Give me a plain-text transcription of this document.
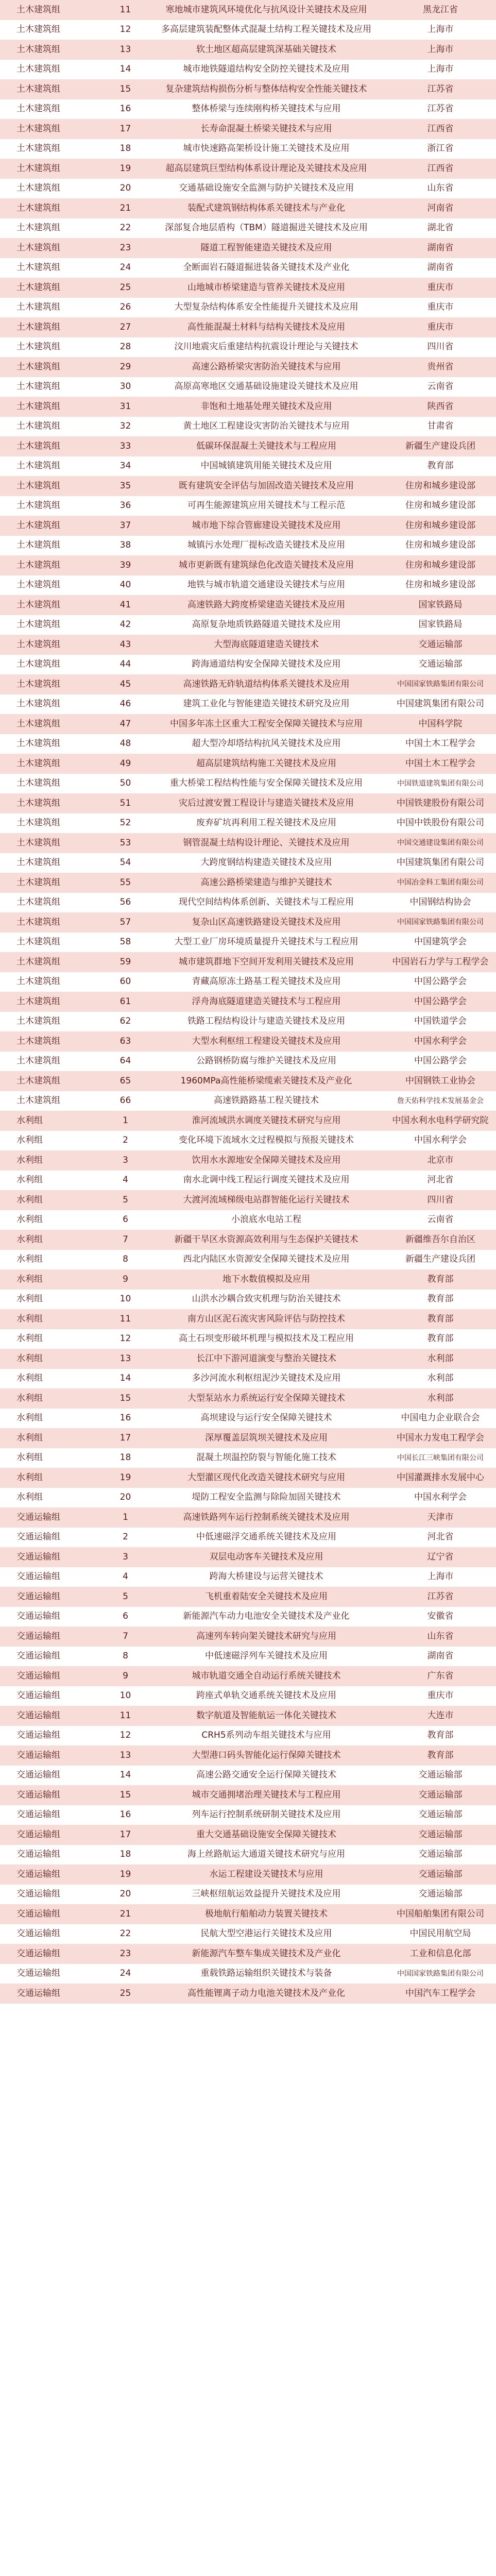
土木建筑组	11	寒地城市建筑风环境优化与抗风设计关键技术及应用	黑龙江省
土木建筑组	12	多高层建筑装配整体式混凝土结构工程关键技术及应用	上海市
土木建筑组	13	软土地区超高层建筑深基础关键技术	上海市
土木建筑组	14	城市地铁隧道结构安全防控关键技术及应用	上海市
土木建筑组	15	复杂建筑结构损伤分析与整体结构安全性能关键技术	江苏省
土木建筑组	16	整体桥梁与连续刚构桥关键技术与应用	江苏省
土木建筑组	17	长寿命混凝土桥梁关键技术与应用	江西省
土木建筑组	18	城市快速路高架桥设计施工关键技术及应用	浙江省
土木建筑组	19	超高层建筑巨型结构体系设计理论及关键技术及应用	江西省
土木建筑组	20	交通基础设施安全监测与防护关键技术及应用	山东省
土木建筑组	21	装配式建筑钢结构体系关键技术与产业化	河南省
土木建筑组	22	深部复合地层盾构（TBM）隧道掘进关键技术及应用	湖北省
土木建筑组	23	隧道工程智能建造关键技术及应用	湖南省
土木建筑组	24	全断面岩石隧道掘进装备关键技术及产业化	湖南省
土木建筑组	25	山地城市桥梁建造与管养关键技术及应用	重庆市
土木建筑组	26	大型复杂结构体系安全性能提升关键技术及应用	重庆市
土木建筑组	27	高性能混凝土材料与结构关键技术及应用	重庆市
土木建筑组	28	汶川地震灾后重建结构抗震设计理论与关键技术	四川省
土木建筑组	29	高速公路桥梁灾害防治关键技术与应用	贵州省
土木建筑组	30	高原高寒地区交通基础设施建设关键技术及应用	云南省
土木建筑组	31	非饱和土地基处理关键技术及应用	陕西省
土木建筑组	32	黄土地区工程建设灾害防治关键技术与应用	甘肃省
土木建筑组	33	低碳环保混凝土关键技术与工程应用	新疆生产建设兵团
土木建筑组	34	中国城镇建筑用能关键技术及应用	教育部
土木建筑组	35	既有建筑安全评估与加固改造关键技术及应用	住房和城乡建设部
土木建筑组	36	可再生能源建筑应用关键技术与工程示范	住房和城乡建设部
土木建筑组	37	城市地下综合管廊建设关键技术及应用	住房和城乡建设部
土木建筑组	38	城镇污水处理厂提标改造关键技术及应用	住房和城乡建设部
土木建筑组	39	城市更新既有建筑绿色化改造关键技术及应用	住房和城乡建设部
土木建筑组	40	地铁与城市轨道交通建设关键技术与应用	住房和城乡建设部
土木建筑组	41	高速铁路大跨度桥梁建造关键技术及应用	国家铁路局
土木建筑组	42	高原复杂地质铁路隧道关键技术及应用	国家铁路局
土木建筑组	43	大型海底隧道建造关键技术	交通运输部
土木建筑组	44	跨海通道结构安全保障关键技术及应用	交通运输部
土木建筑组	45	高速铁路无砟轨道结构体系关键技术及应用	中国国家铁路集团有限公司
土木建筑组	46	建筑工业化与智能建造关键技术研究及应用	中国建筑集团有限公司
土木建筑组	47	中国多年冻土区重大工程安全保障关键技术与应用	中国科学院
土木建筑组	48	超大型冷却塔结构抗风关键技术及应用	中国土木工程学会
土木建筑组	49	超高层建筑结构施工关键技术及应用	中国土木工程学会
土木建筑组	50	重大桥梁工程结构性能与安全保障关键技术及应用	中国铁道建筑集团有限公司
土木建筑组	51	灾后过渡安置工程设计与建造关键技术及应用	中国铁建股份有限公司
土木建筑组	52	废弃矿坑再利用工程关键技术及应用	中国中铁股份有限公司
土木建筑组	53	钢管混凝土结构设计理论、关键技术及应用	中国交通建设集团有限公司
土木建筑组	54	大跨度钢结构建造关键技术及应用	中国建筑集团有限公司
土木建筑组	55	高速公路桥梁建造与维护关键技术	中国冶金科工集团有限公司
土木建筑组	56	现代空间结构体系创新、关键技术与工程应用	中国钢结构协会
土木建筑组	57	复杂山区高速铁路建设关键技术及应用	中国国家铁路集团有限公司
土木建筑组	58	大型工业厂房环境质量提升关键技术与工程应用	中国建筑学会
土木建筑组	59	城市建筑群地下空间开发利用关键技术及应用	中国岩石力学与工程学会
土木建筑组	60	青藏高原冻土路基工程关键技术及应用	中国公路学会
土木建筑组	61	浮舟海底隧道建造关键技术与工程应用	中国公路学会
土木建筑组	62	铁路工程结构设计与建造关键技术及应用	中国铁道学会
土木建筑组	63	大型水利枢纽工程建设关键技术及应用	中国水利学会
土木建筑组	64	公路钢桥防腐与维护关键技术及应用	中国公路学会
土木建筑组	65	1960MPa高性能桥梁缆索关键技术及产业化	中国钢铁工业协会
土木建筑组	66	高速铁路路基工程关键技术	詹天佑科学技术发展基金会
水利组	1	淮河流域洪水调度关键技术研究与应用	中国水利水电科学研究院
水利组	2	变化环境下流域水文过程模拟与预报关键技术	中国水利学会
水利组	3	饮用水水源地安全保障关键技术及应用	北京市
水利组	4	南水北调中线工程运行调度关键技术及应用	河北省
水利组	5	大渡河流域梯级电站群智能化运行关键技术	四川省
水利组	6	小浪底水电站工程	云南省
水利组	7	新疆干旱区水资源高效利用与生态保护关键技术	新疆维吾尔自治区
水利组	8	西北内陆区水资源安全保障关键技术及应用	新疆生产建设兵团
水利组	9	地下水数值模拟及应用	教育部
水利组	10	山洪水沙耦合致灾机理与防治关键技术	教育部
水利组	11	南方山区泥石流灾害风险评估与防控技术	教育部
水利组	12	高土石坝变形破坏机理与模拟技术及工程应用	教育部
水利组	13	长江中下游河道演变与整治关键技术	水利部
水利组	14	多沙河流水利枢纽泥沙关键技术及应用	水利部
水利组	15	大型泵站水力系统运行安全保障关键技术	水利部
水利组	16	高坝建设与运行安全保障关键技术	中国电力企业联合会
水利组	17	深厚覆盖层筑坝关键技术及应用	中国水力发电工程学会
水利组	18	混凝土坝温控防裂与智能化施工技术	中国长江三峡集团有限公司
水利组	19	大型灌区现代化改造关键技术研究与应用	中国灌溉排水发展中心
水利组	20	堤防工程安全监测与除险加固关键技术	中国水利学会
交通运输组	1	高速铁路列车运行控制系统关键技术及应用	天津市
交通运输组	2	中低速磁浮交通系统关键技术及应用	河北省
交通运输组	3	双层电动客车关键技术及应用	辽宁省
交通运输组	4	跨海大桥建设与运营关键技术	上海市
交通运输组	5	飞机重着陆安全关键技术及应用	江苏省
交通运输组	6	新能源汽车动力电池安全关键技术及产业化	安徽省
交通运输组	7	高速列车转向架关键技术研究与应用	山东省
交通运输组	8	中低速磁浮列车关键技术及应用	湖南省
交通运输组	9	城市轨道交通全自动运行系统关键技术	广东省
交通运输组	10	跨座式单轨交通系统关键技术及应用	重庆市
交通运输组	11	数字航道及智能航运一体化关键技术	大连市
交通运输组	12	CRH5系列动车组关键技术与应用	教育部
交通运输组	13	大型港口码头智能化运行保障关键技术	教育部
交通运输组	14	高速公路交通安全运行保障关键技术	交通运输部
交通运输组	15	城市交通拥堵治理关键技术与工程应用	交通运输部
交通运输组	16	列车运行控制系统研制关键技术及应用	交通运输部
交通运输组	17	重大交通基础设施安全保障关键技术	交通运输部
交通运输组	18	海上丝路航运大通道关键技术研究与应用	交通运输部
交通运输组	19	水运工程建设关键技术与应用	交通运输部
交通运输组	20	三峡枢纽航运效益提升关键技术及应用	交通运输部
交通运输组	21	极地航行船舶动力装置关键技术	中国船舶集团有限公司
交通运输组	22	民航大型空港运行关键技术及应用	中国民用航空局
交通运输组	23	新能源汽车整车集成关键技术及产业化	工业和信息化部
交通运输组	24	重载铁路运输组织关键技术与装备	中国国家铁路集团有限公司
交通运输组	25	高性能锂离子动力电池关键技术及产业化	中国汽车工程学会
